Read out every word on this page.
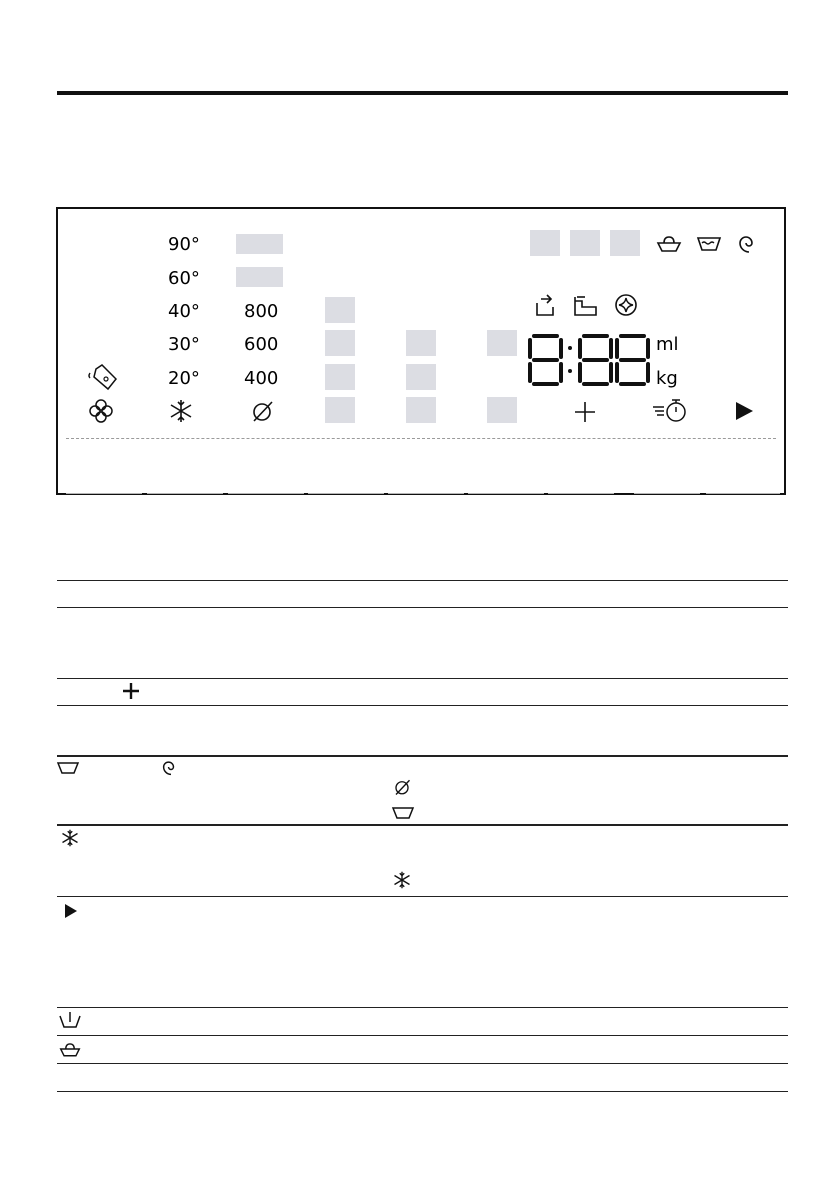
90°
60°
40°
30°
20°
800
600
400
ml
kg
